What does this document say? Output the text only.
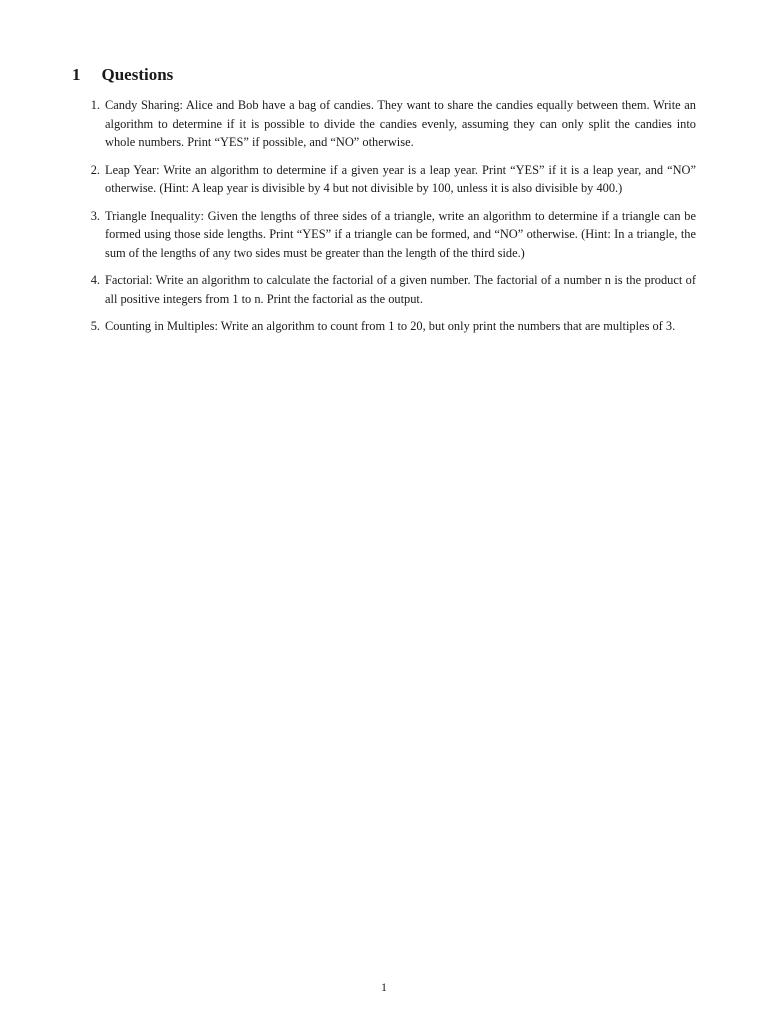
1 Questions
1. Candy Sharing: Alice and Bob have a bag of candies. They want to share the candies equally between them. Write an algorithm to determine if it is possible to divide the candies evenly, assuming they can only split the candies into whole numbers. Print “YES” if possible, and “NO” otherwise.
2. Leap Year: Write an algorithm to determine if a given year is a leap year. Print “YES” if it is a leap year, and “NO” otherwise. (Hint: A leap year is divisible by 4 but not divisible by 100, unless it is also divisible by 400.)
3. Triangle Inequality: Given the lengths of three sides of a triangle, write an algorithm to determine if a triangle can be formed using those side lengths. Print “YES” if a triangle can be formed, and “NO” otherwise. (Hint: In a triangle, the sum of the lengths of any two sides must be greater than the length of the third side.)
4. Factorial: Write an algorithm to calculate the factorial of a given number. The factorial of a number n is the product of all positive integers from 1 to n. Print the factorial as the output.
5. Counting in Multiples: Write an algorithm to count from 1 to 20, but only print the numbers that are multiples of 3.
1
